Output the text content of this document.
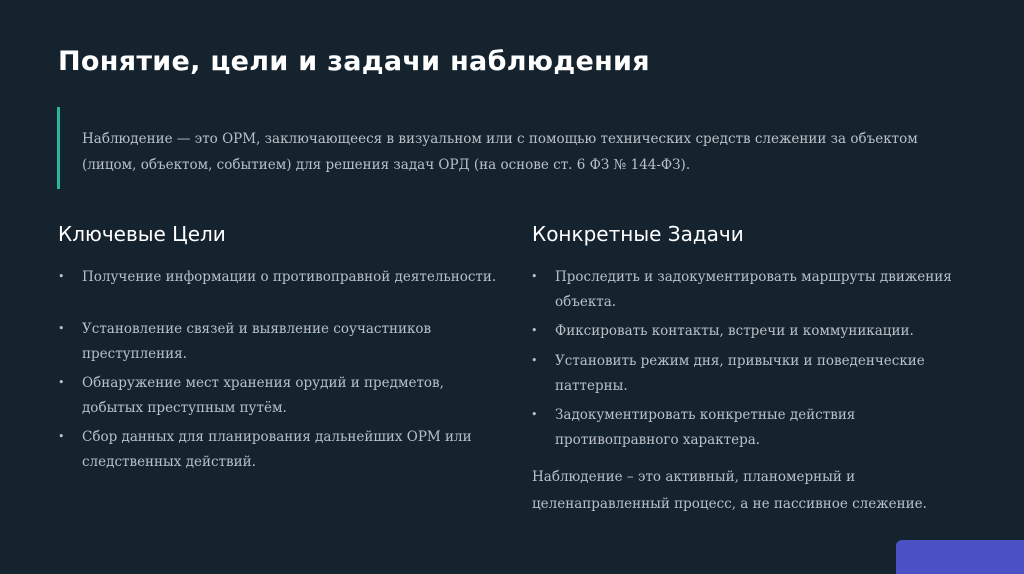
Понятие, цели и задачи наблюдения

Наблюдение — это ОРМ, заключающееся в визуальном или с помощью технических средств слежении за объектом (лицом, объектом, событием) для решения задач ОРД (на основе ст. 6 ФЗ № 144-ФЗ).

Ключевые Цели
• Получение информации о противоправной деятельности.
• Установление связей и выявление соучастников преступления.
• Обнаружение мест хранения орудий и предметов, добытых преступным путём.
• Сбор данных для планирования дальнейших ОРМ или следственных действий.
Конкретные Задачи
• Проследить и задокументировать маршруты движения объекта.
• Фиксировать контакты, встречи и коммуникации.
• Установить режим дня, привычки и поведенческие паттерны.
• Задокументировать конкретные действия противоправного характера.

Наблюдение – это активный, планомерный и целенаправленный процесс, а не пассивное слежение.
